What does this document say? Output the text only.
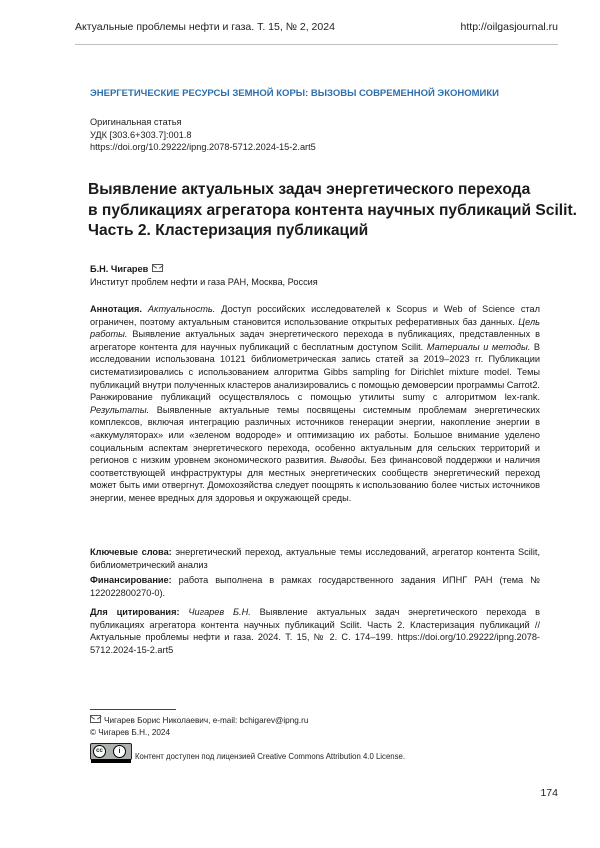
Актуальные проблемы нефти и газа. Т. 15, № 2, 2024	http://oilgasjournal.ru
ЭНЕРГЕТИЧЕСКИЕ РЕСУРСЫ ЗЕМНОЙ КОРЫ: ВЫЗОВЫ СОВРЕМЕННОЙ ЭКОНОМИКИ
Оригинальная статья
УДК [303.6+303.7]:001.8
https://doi.org/10.29222/ipng.2078-5712.2024-15-2.art5
Выявление актуальных задач энергетического перехода
в публикациях агрегатора контента научных публикаций Scilit.
Часть 2. Кластеризация публикаций
Б.Н. Чигарев
Институт проблем нефти и газа РАН, Москва, Россия
Аннотация. Актуальность. Доступ российских исследователей к Scopus и Web of Science стал ограничен, поэтому актуальным становится использование открытых реферативных баз данных. Цель работы. Выявление актуальных задач энергетического перехода в публикациях, представленных в агрегаторе контента для научных публикаций с бесплатным доступом Scilit. Материалы и методы. В исследовании использована 10121 библиометрическая запись статей за 2019–2023 гг. Публикации систематизировались с использованием алгоритма Gibbs sampling for Dirichlet mixture model. Темы публикаций внутри полученных кластеров анализировались с помощью демоверсии программы Carrot2. Ранжирование публикаций осуществлялось с помощью утилиты sumy с алгоритмом lex-rank. Результаты. Выявленные актуальные темы посвящены системным проблемам энергетических комплексов, включая интеграцию различных источников генерации энергии, накопление энергии в «аккумуляторах» или «зеленом водороде» и оптимизацию их работы. Большое внимание уделено социальным аспектам энергетического перехода, особенно актуальным для сельских территорий и регионов с низким уровнем экономического развития. Выводы. Без финансовой поддержки и наличия соответствующей инфраструктуры для местных энергетических сообществ энергетический переход может быть ими отвергнут. Домохозяйства следует поощрять к использованию более чистых источников энергии, менее вредных для здоровья и окружающей среды.
Ключевые слова: энергетический переход, актуальные темы исследований, агрегатор контента Scilit, библиометрический анализ
Финансирование: работа выполнена в рамках государственного задания ИПНГ РАН (тема № 122022800270-0).
Для цитирования: Чигарев Б.Н. Выявление актуальных задач энергетического перехода в публикациях агрегатора контента научных публикаций Scilit. Часть 2. Кластеризация публикаций // Актуальные проблемы нефти и газа. 2024. Т. 15, № 2. С. 174–199. https://doi.org/10.29222/ipng.2078-5712.2024-15-2.art5
Чигарев Борис Николаевич, e-mail: bchigarev@ipng.ru
© Чигарев Б.Н., 2024
cc	i
Контент доступен под лицензией Creative Commons Attribution 4.0 License.
174
